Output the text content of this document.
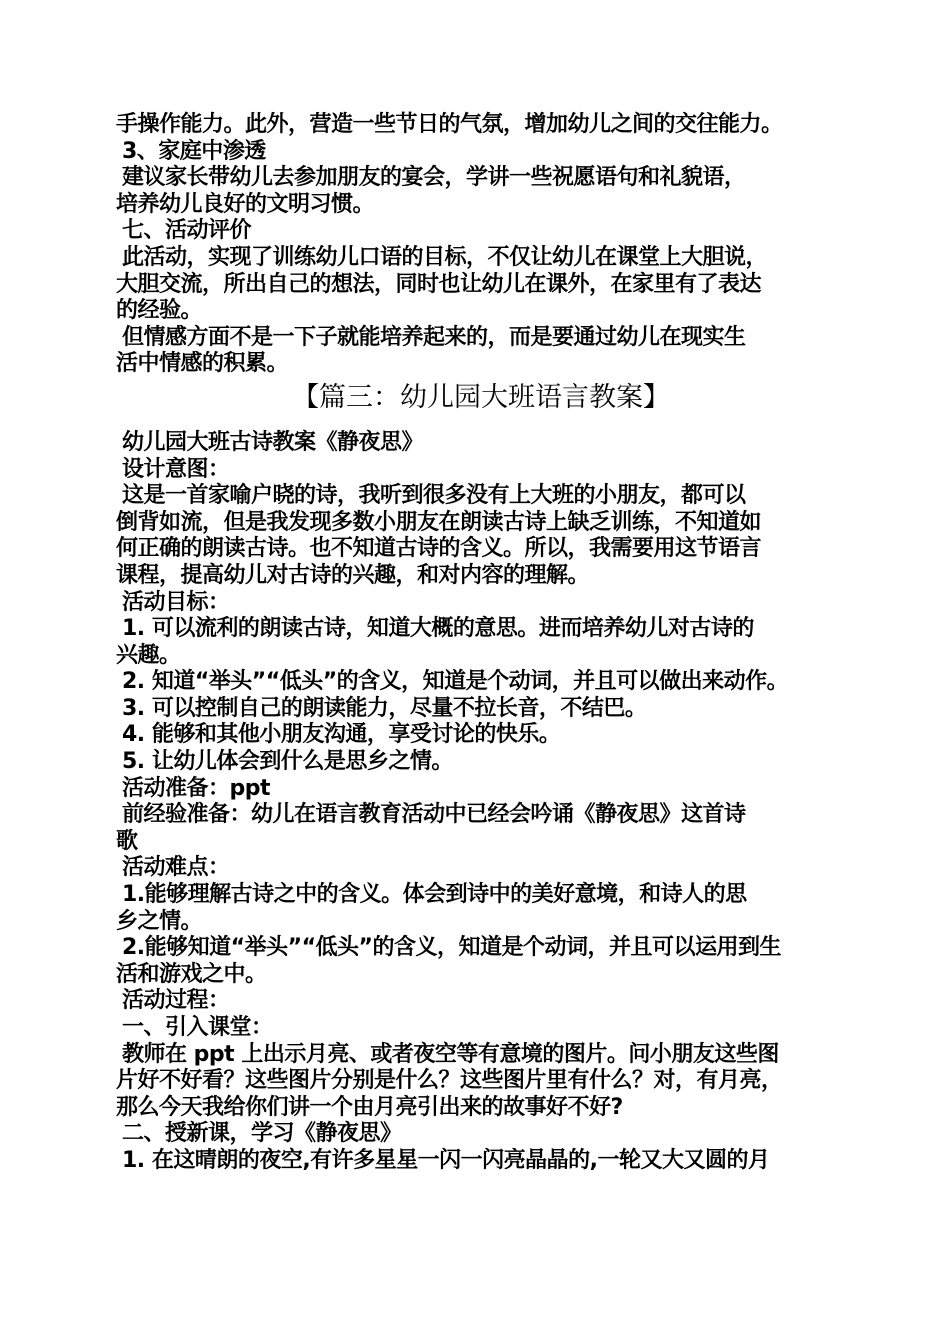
手操作能力。此外，营造一些节日的气氛，增加幼儿之间的交往能力。
3、家庭中渗透
建议家长带幼儿去参加朋友的宴会，学讲一些祝愿语句和礼貌语，
培养幼儿良好的文明习惯。
七、活动评价
此活动，实现了训练幼儿口语的目标，不仅让幼儿在课堂上大胆说，
大胆交流，所出自己的想法，同时也让幼儿在课外，在家里有了表达
的经验。
但情感方面不是一下子就能培养起来的，而是要通过幼儿在现实生
活中情感的积累。
【篇三：幼儿园大班语言教案】
幼儿园大班古诗教案《静夜思》
设计意图：
这是一首家喻户晓的诗，我听到很多没有上大班的小朋友，都可以
倒背如流，但是我发现多数小朋友在朗读古诗上缺乏训练，不知道如
何正确的朗读古诗。也不知道古诗的含义。所以，我需要用这节语言
课程，提高幼儿对古诗的兴趣，和对内容的理解。
活动目标：
1. 可以流利的朗读古诗，知道大概的意思。进而培养幼儿对古诗的
兴趣。
2. 知道“举头”“低头”的含义，知道是个动词，并且可以做出来动作。
3. 可以控制自己的朗读能力，尽量不拉长音，不结巴。
4. 能够和其他小朋友沟通，享受讨论的快乐。
5. 让幼儿体会到什么是思乡之情。
活动准备：ppt
前经验准备：幼儿在语言教育活动中已经会吟诵《静夜思》这首诗
歌
活动难点：
1.能够理解古诗之中的含义。体会到诗中的美好意境，和诗人的思
乡之情。
2.能够知道“举头”“低头”的含义，知道是个动词，并且可以运用到生
活和游戏之中。
活动过程：
一、引入课堂：
教师在 ppt 上出示月亮、或者夜空等有意境的图片。问小朋友这些图
片好不好看？这些图片分别是什么？这些图片里有什么？对，有月亮，
那么今天我给你们讲一个由月亮引出来的故事好不好?
二、授新课，学习《静夜思》
1. 在这晴朗的夜空,有许多星星一闪一闪亮晶晶的,一轮又大又圆的月
